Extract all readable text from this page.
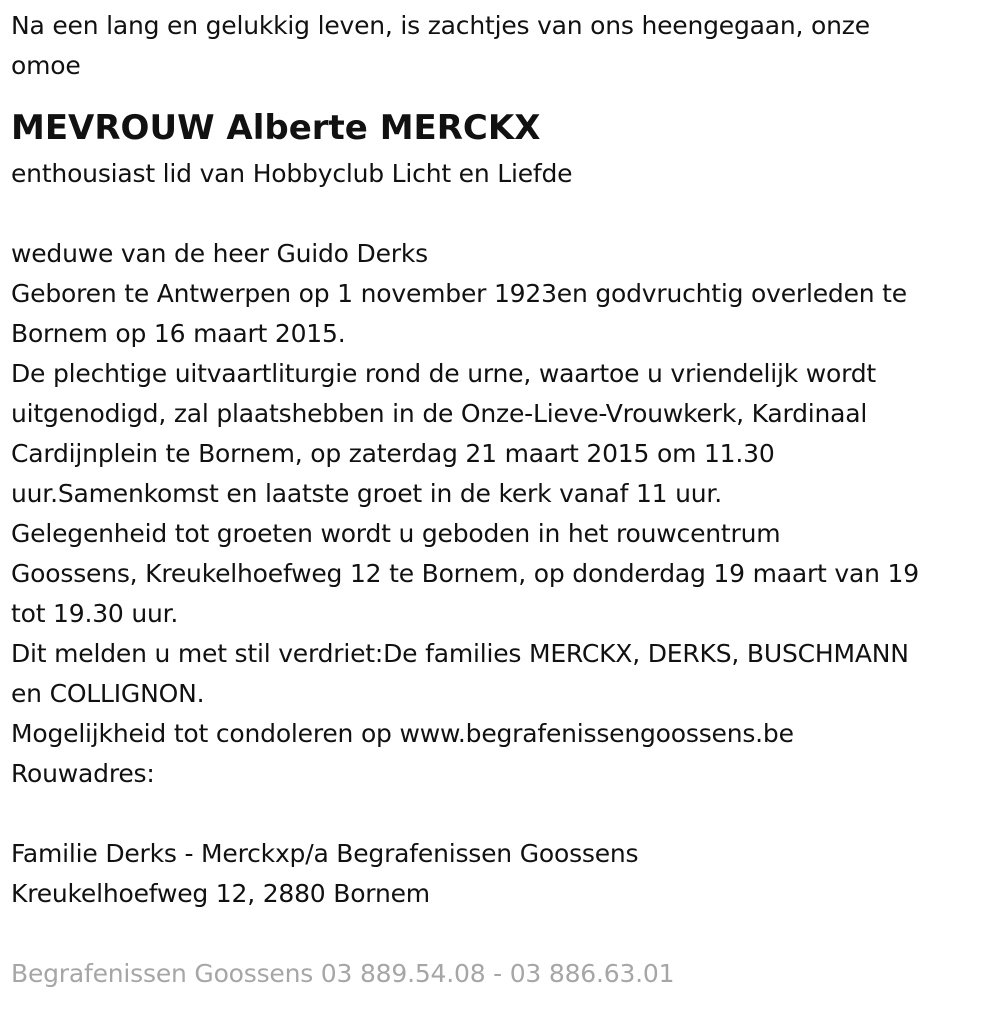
Na een lang en gelukkig leven, is zachtjes van ons heengegaan, onze
omoe
MEVROUW Alberte MERCKX
enthousiast lid van Hobbyclub Licht en Liefde
weduwe van de heer Guido Derks
Geboren te Antwerpen op 1 november 1923en godvruchtig overleden te
Bornem op 16 maart 2015.
De plechtige uitvaartliturgie rond de urne, waartoe u vriendelijk wordt
uitgenodigd, zal plaatshebben in de Onze-Lieve-Vrouwkerk, Kardinaal
Cardijnplein te Bornem, op zaterdag 21 maart 2015 om 11.30
uur.Samenkomst en laatste groet in de kerk vanaf 11 uur.
Gelegenheid tot groeten wordt u geboden in het rouwcentrum
Goossens, Kreukelhoefweg 12 te Bornem, op donderdag 19 maart van 19
tot 19.30 uur.
Dit melden u met stil verdriet:De families MERCKX, DERKS, BUSCHMANN
en COLLIGNON.
Mogelijkheid tot condoleren op www.begrafenissengoossens.be
Rouwadres:
Familie Derks - Merckxp/a Begrafenissen Goossens
Kreukelhoefweg 12, 2880 Bornem
Begrafenissen Goossens 03 889.54.08 - 03 886.63.01
